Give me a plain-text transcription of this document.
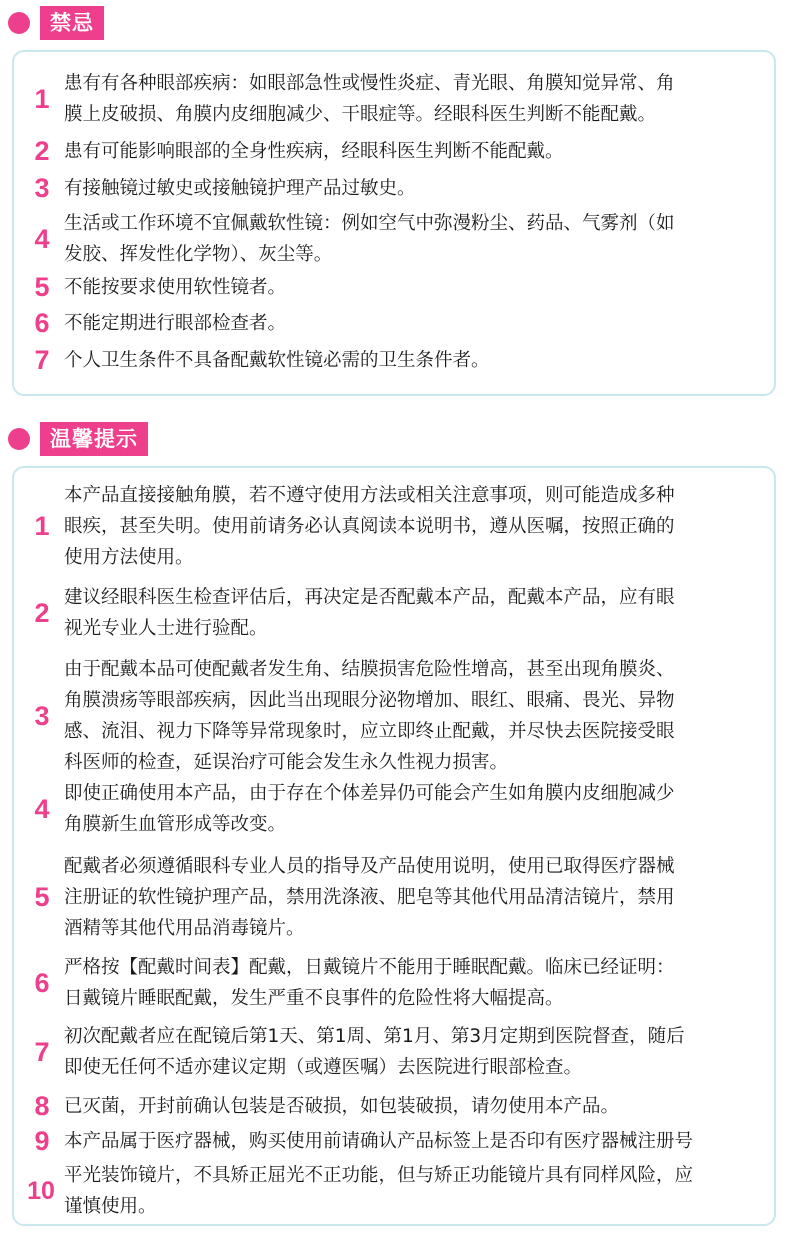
禁忌
1 患有有各种眼部疾病：如眼部急性或慢性炎症、青光眼、角膜知觉异常、角
膜上皮破损、角膜内皮细胞减少、干眼症等。经眼科医生判断不能配戴。
2 患有可能影响眼部的全身性疾病，经眼科医生判断不能配戴。
3 有接触镜过敏史或接触镜护理产品过敏史。
4 生活或工作环境不宜佩戴软性镜：例如空气中弥漫粉尘、药品、气雾剂（如
发胶、挥发性化学物）、灰尘等。
5 不能按要求使用软性镜者。
6 不能定期进行眼部检查者。
7 个人卫生条件不具备配戴软性镜必需的卫生条件者。
温馨提示
1
本产品直接接触角膜，若不遵守使用方法或相关注意事项，则可能造成多种
眼疾，甚至失明。使用前请务必认真阅读本说明书，遵从医嘱，按照正确的
使用方法使用。
2 建议经眼科医生检查评估后，再决定是否配戴本产品，配戴本产品，应有眼
视光专业人士进行验配。
3
由于配戴本品可使配戴者发生角、结膜损害危险性增高，甚至出现角膜炎、
角膜溃疡等眼部疾病，因此当出现眼分泌物增加、眼红、眼痛、畏光、异物
感、流泪、视力下降等异常现象时，应立即终止配戴，并尽快去医院接受眼
科医师的检查，延误治疗可能会发生永久性视力损害。
4 即使正确使用本产品，由于存在个体差异仍可能会产生如角膜内皮细胞减少
角膜新生血管形成等改变。
5
配戴者必须遵循眼科专业人员的指导及产品使用说明，使用已取得医疗器械
注册证的软性镜护理产品，禁用洗涤液、肥皂等其他代用品清洁镜片，禁用
酒精等其他代用品消毒镜片。
6 严格按【配戴时间表】配戴，日戴镜片不能用于睡眠配戴。临床已经证明：
日戴镜片睡眠配戴，发生严重不良事件的危险性将大幅提高。
7 初次配戴者应在配镜后第1天、第1周、第1月、第3月定期到医院督查，随后
即使无任何不适亦建议定期（或遵医嘱）去医院进行眼部检查。
8 已灭菌，开封前确认包装是否破损，如包装破损，请勿使用本产品。
9 本产品属于医疗器械，购买使用前请确认产品标签上是否印有医疗器械注册号
10
平光装饰镜片，不具矫正屈光不正功能，但与矫正功能镜片具有同样风险，应
谨慎使用。
